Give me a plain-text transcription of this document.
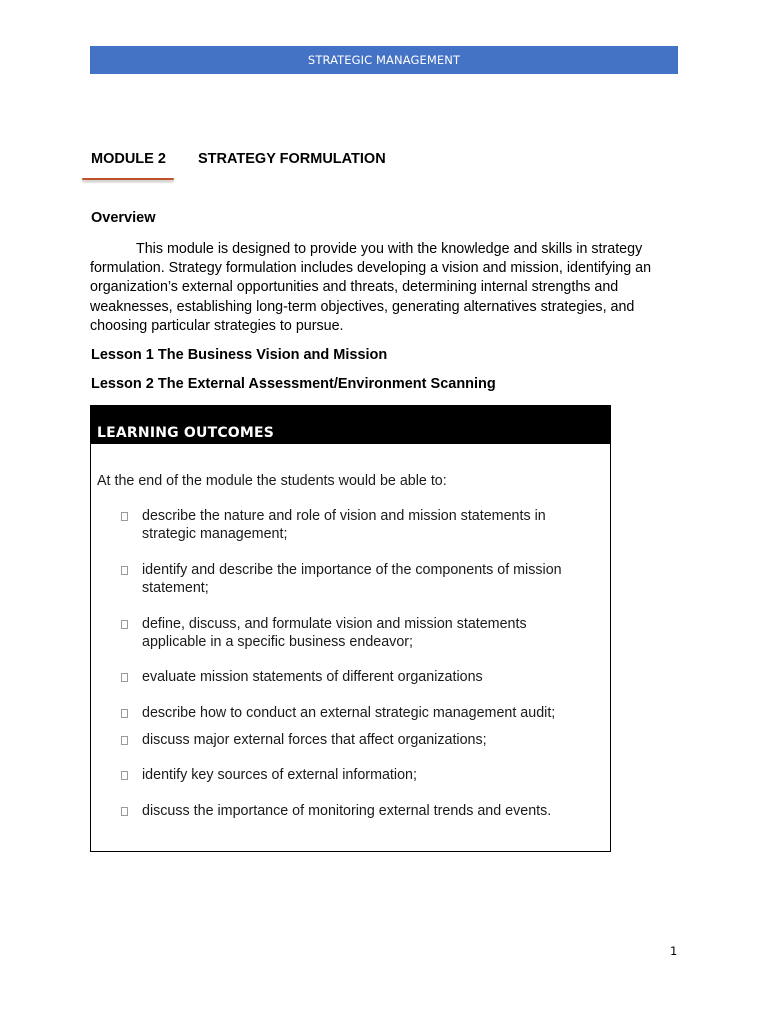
STRATEGIC MANAGEMENT
MODULE 2 STRATEGY FORMULATION
Overview

This module is designed to provide you with the knowledge and skills in strategy formulation. Strategy formulation includes developing a vision and mission, identifying an organization’s external opportunities and threats, determining internal strengths and weaknesses, establishing long-term objectives, generating alternatives strategies, and choosing particular strategies to pursue.

Lesson 1 The Business Vision and Mission
Lesson 2 The External Assessment/Environment Scanning
LEARNING OUTCOMES
At the end of the module the students would be able to:
describe the nature and role of vision and mission statements in strategic management;
identify and describe the importance of the components of mission statement;
define, discuss, and formulate vision and mission statements applicable in a specific business endeavor;
evaluate mission statements of different organizations
describe how to conduct an external strategic management audit;
discuss major external forces that affect organizations;
identify key sources of external information;
discuss the importance of monitoring external trends and events.
1
